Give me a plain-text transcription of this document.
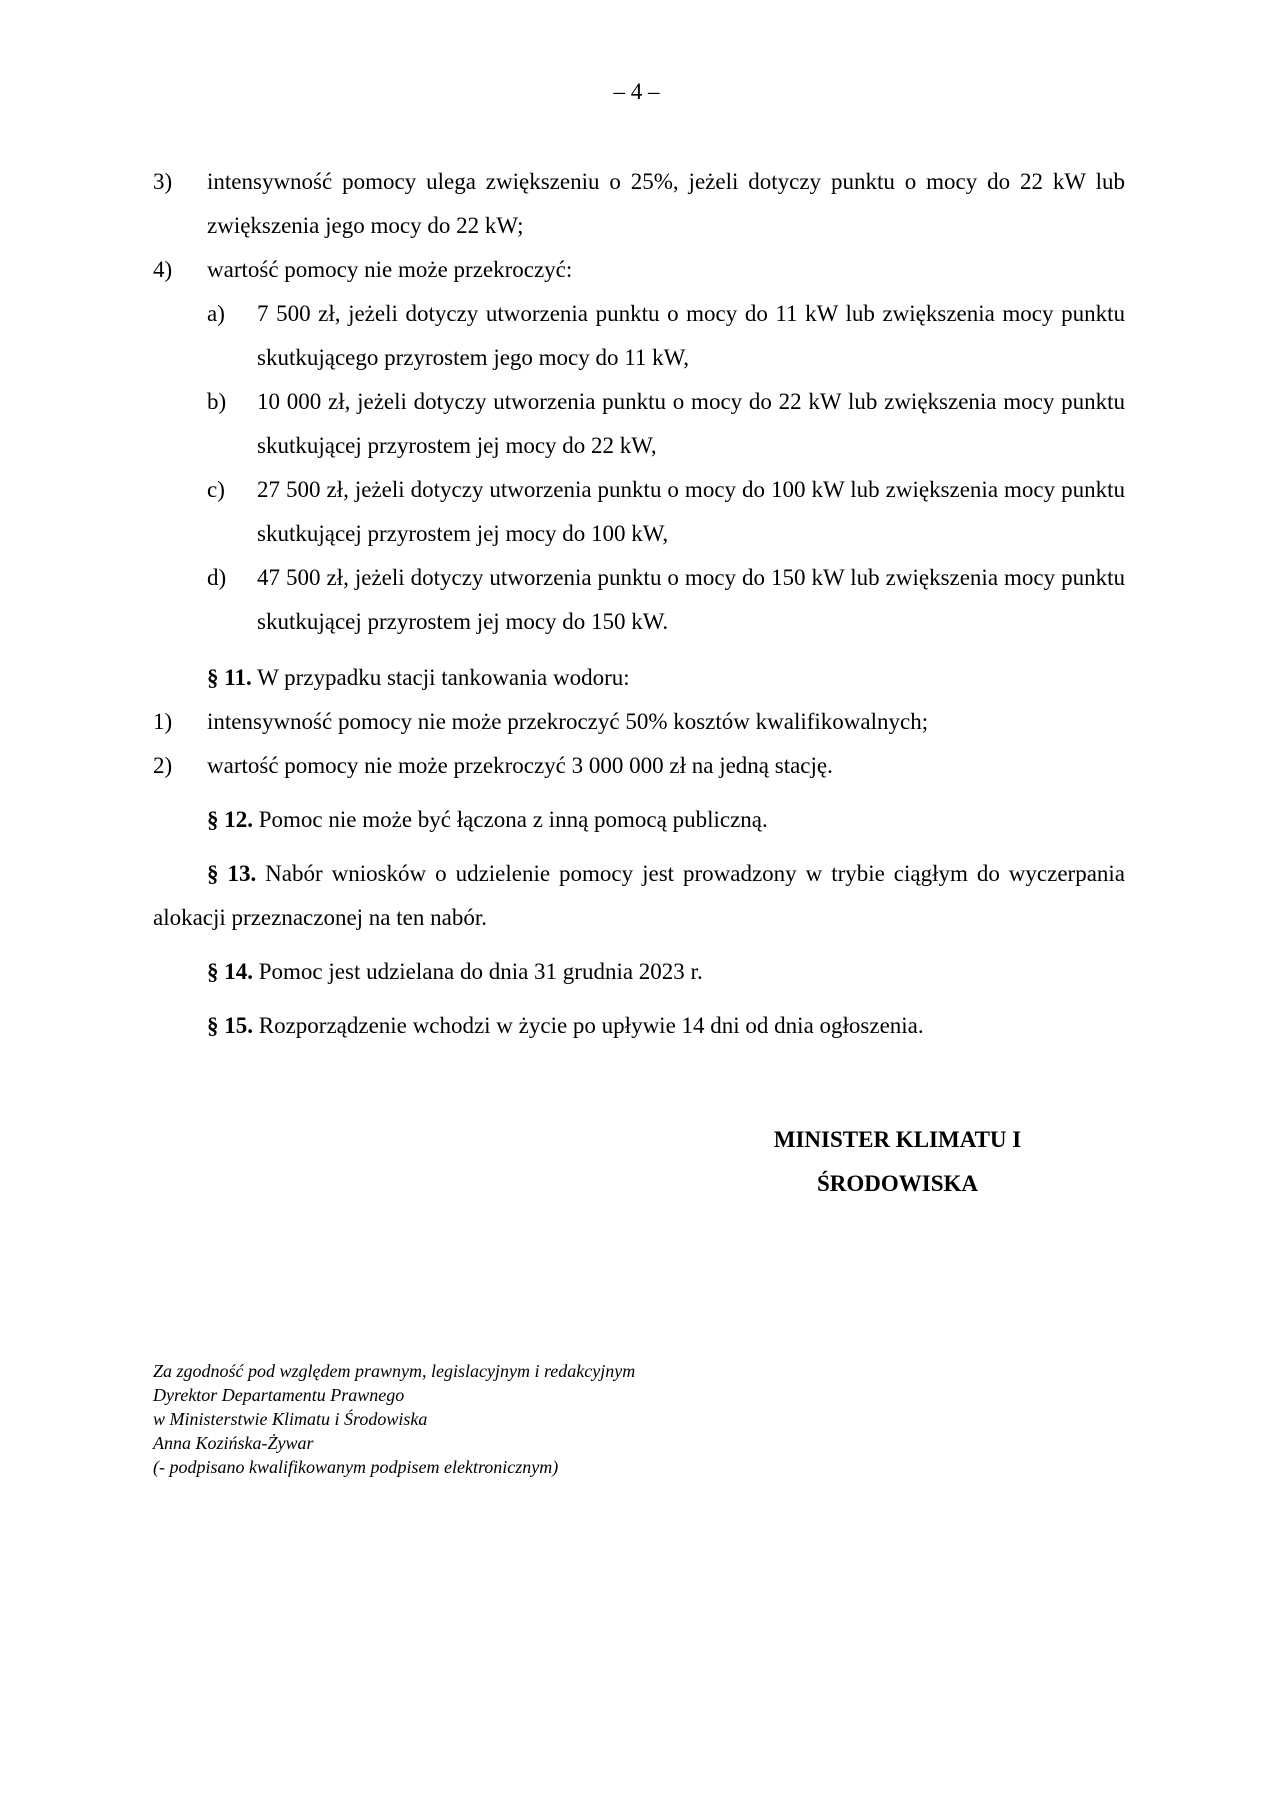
– 4 –
3) intensywność pomocy ulega zwiększeniu o 25%, jeżeli dotyczy punktu o mocy do 22 kW lub zwiększenia jego mocy do 22 kW;
4) wartość pomocy nie może przekroczyć:
a) 7 500 zł, jeżeli dotyczy utworzenia punktu o mocy do 11 kW lub zwiększenia mocy punktu skutkującego przyrostem jego mocy do 11 kW,
b) 10 000 zł, jeżeli dotyczy utworzenia punktu o mocy do 22 kW lub zwiększenia mocy punktu skutkującej przyrostem jej mocy do 22 kW,
c) 27 500 zł, jeżeli dotyczy utworzenia punktu o mocy do 100 kW lub zwiększenia mocy punktu skutkującej przyrostem jej mocy do 100 kW,
d) 47 500 zł, jeżeli dotyczy utworzenia punktu o mocy do 150 kW lub zwiększenia mocy punktu skutkującej przyrostem jej mocy do 150 kW.
§ 11. W przypadku stacji tankowania wodoru:
1) intensywność pomocy nie może przekroczyć 50% kosztów kwalifikowalnych;
2) wartość pomocy nie może przekroczyć 3 000 000 zł na jedną stację.
§ 12. Pomoc nie może być łączona z inną pomocą publiczną.
§ 13. Nabór wniosków o udzielenie pomocy jest prowadzony w trybie ciągłym do wyczerpania alokacji przeznaczonej na ten nabór.
§ 14. Pomoc jest udzielana do dnia 31 grudnia 2023 r.
§ 15. Rozporządzenie wchodzi w życie po upływie 14 dni od dnia ogłoszenia.
MINISTER KLIMATU I
ŚRODOWISKA
Za zgodność pod względem prawnym, legislacyjnym i redakcyjnym
Dyrektor Departamentu Prawnego
w Ministerstwie Klimatu i Środowiska
Anna Kozińska-Żywar
(- podpisano kwalifikowanym podpisem elektronicznym)
